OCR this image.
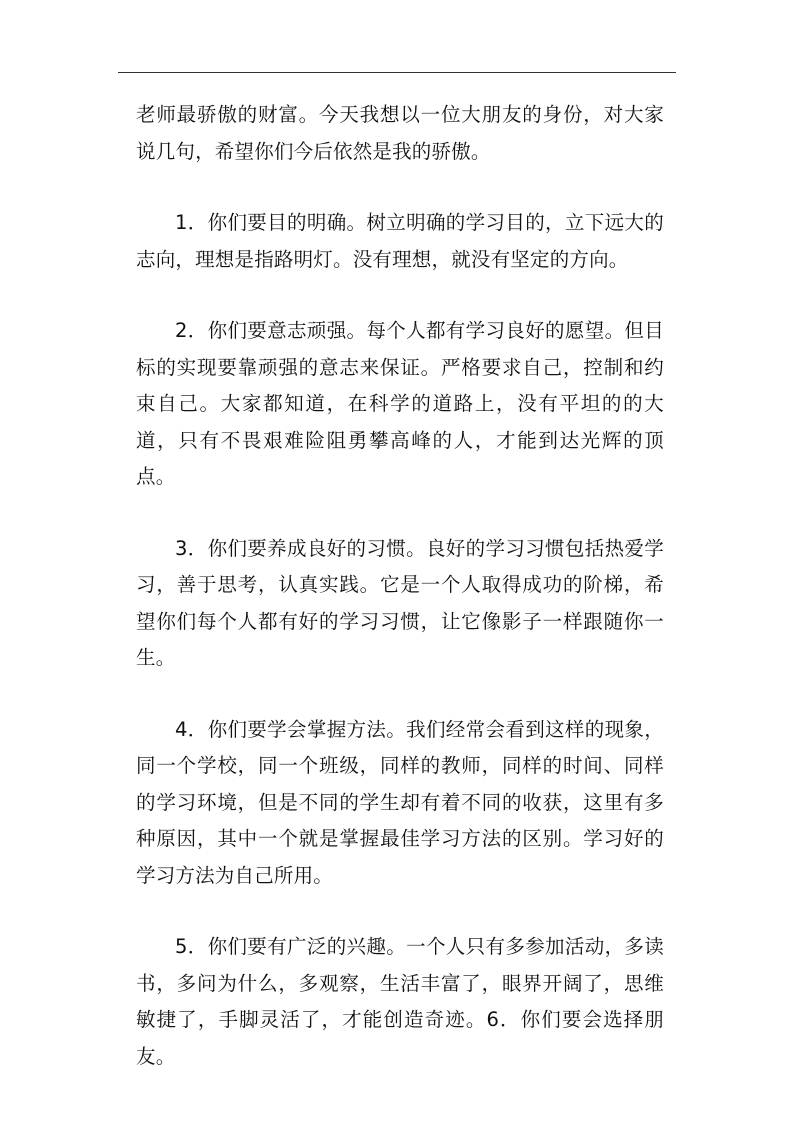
老师最骄傲的财富。今天我想以一位大朋友的身份，对大家说几句，希望你们今后依然是我的骄傲。

1．你们要目的明确。树立明确的学习目的，立下远大的志向，理想是指路明灯。没有理想，就没有坚定的方向。

2．你们要意志顽强。每个人都有学习良好的愿望。但目标的实现要靠顽强的意志来保证。严格要求自己，控制和约束自己。大家都知道，在科学的道路上，没有平坦的的大道，只有不畏艰难险阻勇攀高峰的人，才能到达光辉的顶点。

3．你们要养成良好的习惯。良好的学习习惯包括热爱学习，善于思考，认真实践。它是一个人取得成功的阶梯，希望你们每个人都有好的学习习惯，让它像影子一样跟随你一生。

4．你们要学会掌握方法。我们经常会看到这样的现象，同一个学校，同一个班级，同样的教师，同样的时间、同样的学习环境，但是不同的学生却有着不同的收获，这里有多种原因，其中一个就是掌握最佳学习方法的区别。学习好的学习方法为自己所用。

5．你们要有广泛的兴趣。一个人只有多参加活动，多读书，多问为什么，多观察，生活丰富了，眼界开阔了，思维敏捷了，手脚灵活了，才能创造奇迹。6．你们要会选择朋友。
